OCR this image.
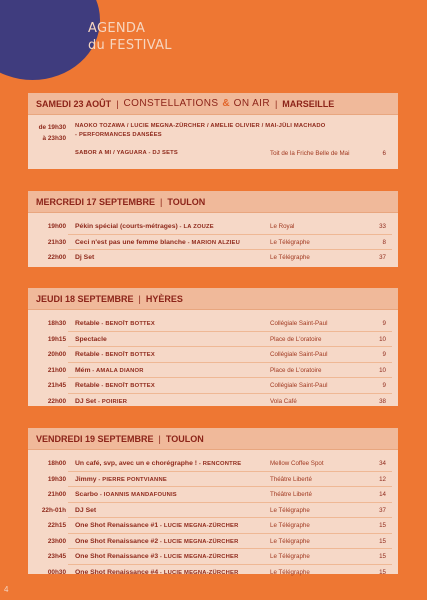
AGENDA
du FESTIVAL
SAMEDI 23 AOÛT | CONSTELLATIONS & ON AIR | MARSEILLE
de 19h30
à 23h30
NAOKO TOZAWA / LUCIE MEGNA-ZÜRCHER / AMELIE OLIVIER / MAI-JÜLI MACHADO
- PERFORMANCES DANSÉES
SABOR A MI / YAGUARA - DJ SETS	Toit de la Friche Belle de Mai	6
MERCREDI 17 SEPTEMBRE | TOULON
19h00 Pékin spécial (courts-métrages) - LA ZOUZE	Le Royal	33
21h30 Ceci n'est pas une femme blanche - MARION ALZIEU	Le Télégraphe	8
22h00 Dj Set	Le Télégraphe	37
JEUDI 18 SEPTEMBRE | HYÈRES
18h30 Retable - BENOÎT BOTTEX	Collégiale Saint-Paul	9
19h15 Spectacle	Place de L'oratoire	10
20h00 Retable - BENOÎT BOTTEX	Collégiale Saint-Paul	9
21h00 Mém - AMALA DIANOR	Place de L'oratoire	10
21h45 Retable - BENOÎT BOTTEX	Collégiale Saint-Paul	9
22h00 DJ Set - POIRIER	Vola Café	38
VENDREDI 19 SEPTEMBRE | TOULON
18h00 Un café, svp, avec un e chorégraphe ! - RENCONTRE	Mellow Coffee Spot	34
19h30 Jimmy - PIERRE PONTVIANNE	Théâtre Liberté	12
21h00 Scarbo - IOANNIS MANDAFOUNIS	Théâtre Liberté	14
22h-01h DJ Set	Le Télégraphe	37
22h15 One Shot Renaissance #1 - LUCIE MEGNA-ZÜRCHER	Le Télégraphe	15
23h00 One Shot Renaissance #2 - LUCIE MEGNA-ZÜRCHER	Le Télégraphe	15
23h45 One Shot Renaissance #3 - LUCIE MEGNA-ZÜRCHER	Le Télégraphe	15
00h30 One Shot Renaissance #4 - LUCIE MEGNA-ZÜRCHER	Le Télégraphe	15
4
